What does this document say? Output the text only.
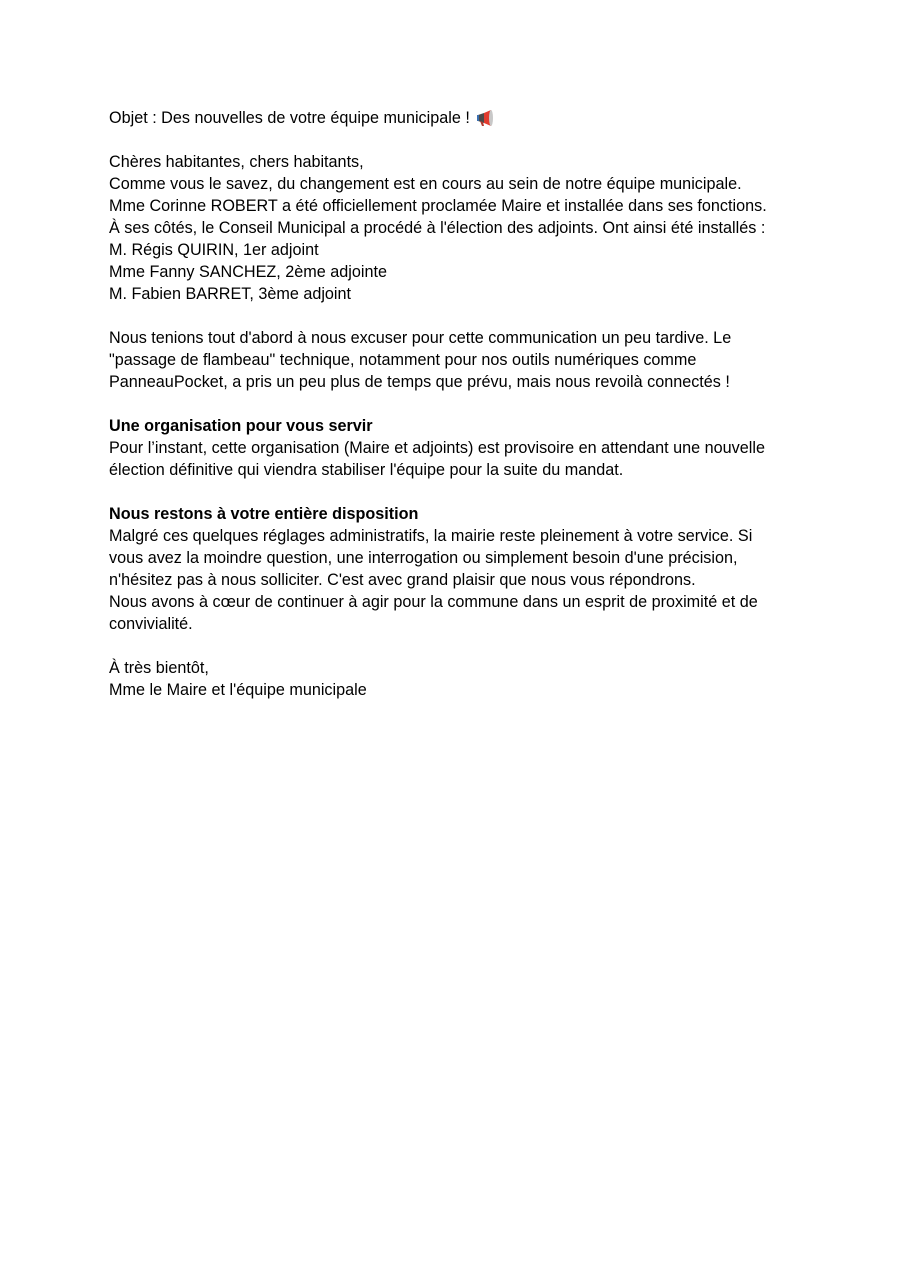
Objet : Des nouvelles de votre équipe municipale !
Chères habitantes, chers habitants,
Comme vous le savez, du changement est en cours au sein de notre équipe municipale.
Mme Corinne ROBERT a été officiellement proclamée Maire et installée dans ses fonctions.
À ses côtés, le Conseil Municipal a procédé à l'élection des adjoints. Ont ainsi été installés :
M. Régis QUIRIN, 1er adjoint
Mme Fanny SANCHEZ, 2ème adjointe
M. Fabien BARRET, 3ème adjoint
Nous tenions tout d'abord à nous excuser pour cette communication un peu tardive. Le
"passage de flambeau" technique, notamment pour nos outils numériques comme
PanneauPocket, a pris un peu plus de temps que prévu, mais nous revoilà connectés !
Une organisation pour vous servir
Pour l’instant, cette organisation (Maire et adjoints) est provisoire en attendant une nouvelle
élection définitive qui viendra stabiliser l'équipe pour la suite du mandat.
Nous restons à votre entière disposition
Malgré ces quelques réglages administratifs, la mairie reste pleinement à votre service. Si
vous avez la moindre question, une interrogation ou simplement besoin d'une précision,
n'hésitez pas à nous solliciter. C'est avec grand plaisir que nous vous répondrons.
Nous avons à cœur de continuer à agir pour la commune dans un esprit de proximité et de
convivialité.
À très bientôt,
Mme le Maire et l'équipe municipale
